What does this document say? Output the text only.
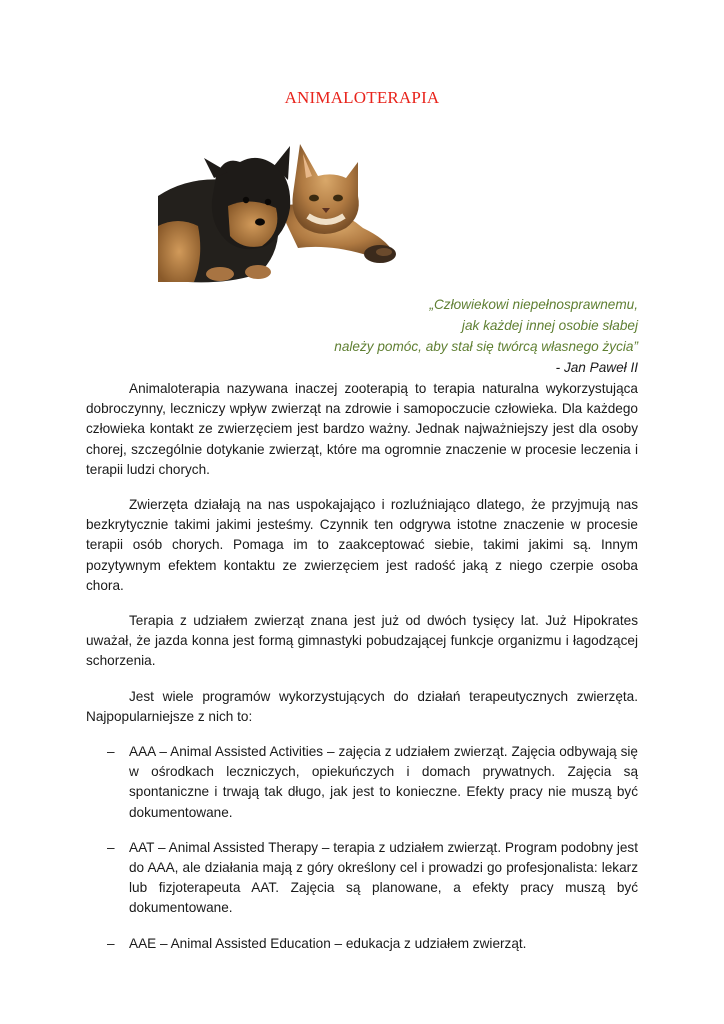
ANIMALOTERAPIA
„Człowiekowi niepełnosprawnemu,
jak każdej innej osobie słabej
należy pomóc, aby stał się twórcą własnego życia”
- Jan Paweł II

Animaloterapia nazywana inaczej zooterapią to terapia naturalna wykorzystująca dobroczynny, leczniczy wpływ zwierząt na zdrowie i samopoczucie człowieka. Dla każdego człowieka kontakt ze zwierzęciem jest bardzo ważny. Jednak najważniejszy jest dla osoby chorej, szczególnie dotykanie zwierząt, które ma ogromnie znaczenie w procesie leczenia i terapii ludzi chorych.

Zwierzęta działają na nas uspokajająco i rozluźniająco dlatego, że przyjmują nas bezkrytycznie takimi jakimi jesteśmy. Czynnik ten odgrywa istotne znaczenie w procesie terapii osób chorych. Pomaga im to zaakceptować siebie, takimi jakimi są. Innym pozytywnym efektem kontaktu ze zwierzęciem jest radość jaką z niego czerpie osoba chora.

Terapia z udziałem zwierząt znana jest już od dwóch tysięcy lat. Już Hipokrates uważał, że jazda konna jest formą gimnastyki pobudzającej funkcje organizmu i łagodzącej schorzenia.

Jest wiele programów wykorzystujących do działań terapeutycznych zwierzęta. Najpopularniejsze z nich to:

– AAA – Animal Assisted Activities – zajęcia z udziałem zwierząt. Zajęcia odbywają się w ośrodkach leczniczych, opiekuńczych i domach prywatnych. Zajęcia są spontaniczne i trwają tak długo, jak jest to konieczne. Efekty pracy nie muszą być dokumentowane.
– AAT – Animal Assisted Therapy – terapia z udziałem zwierząt. Program podobny jest do AAA, ale działania mają z góry określony cel i prowadzi go profesjonalista: lekarz lub fizjoterapeuta AAT. Zajęcia są planowane, a efekty pracy muszą być dokumentowane.
– AAE – Animal Assisted Education – edukacja z udziałem zwierząt.
